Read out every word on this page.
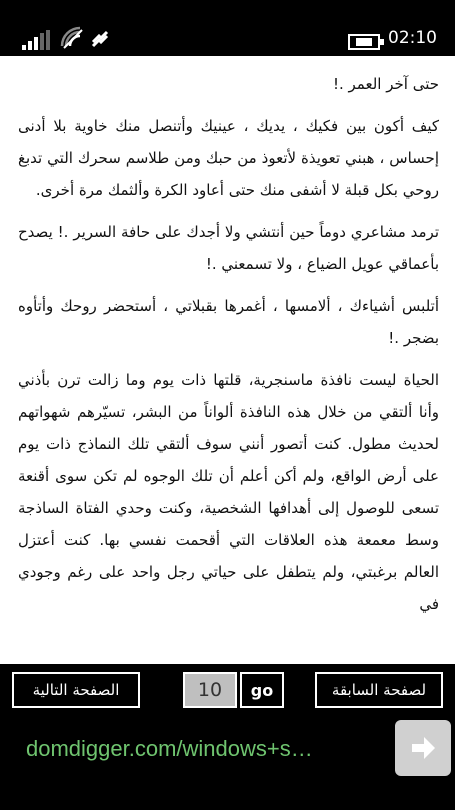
02:10

حتى آخر العمر .!

كيف أكون بين فكيك ، يديك ، عينيك وأتنصل منك خاوية بلا أدنى إحساس ، هبني تعويذة لأتعوذ من حبك ومن طلاسم سحرك التي تدبغ روحي بكل قبلة لا أشفى منك حتى أعاود الكرة وألثمك مرة أخرى.

ترمد مشاعري دوماً حين أنتشي ولا أجدك على حافة السرير .! يصدح بأعماقي عويل الضياع ، ولا تسمعني .!

أتلبس أشياءك ، ألامسها ، أغمرها بقبلاتي ، أستحضر روحك وأتأوه بضجر .!

الحياة ليست نافذة ماسنجرية، قلتها ذات يوم وما زالت ترن بأذني وأنا ألتقي من خلال هذه النافذة ألواناً من البشر، تسيّرهم شهواتهم لحديث مطول. كنت أتصور أنني سوف ألتقي تلك النماذج ذات يوم على أرض الواقع، ولم أكن أعلم أن تلك الوجوه لم تكن سوى أقنعة تسعى للوصول إلى أهدافها الشخصية، وكنت وحدي الفتاة الساذجة وسط معمعة هذه العلاقات التي أقحمت نفسي بها. كنت أعتزل العالم برغبتي، ولم يتطفل على حياتي رجل واحد على رغم وجودي في

الصفحة التالية
10	go	لصفحة السابقة
domdigger.com/windows+s…
